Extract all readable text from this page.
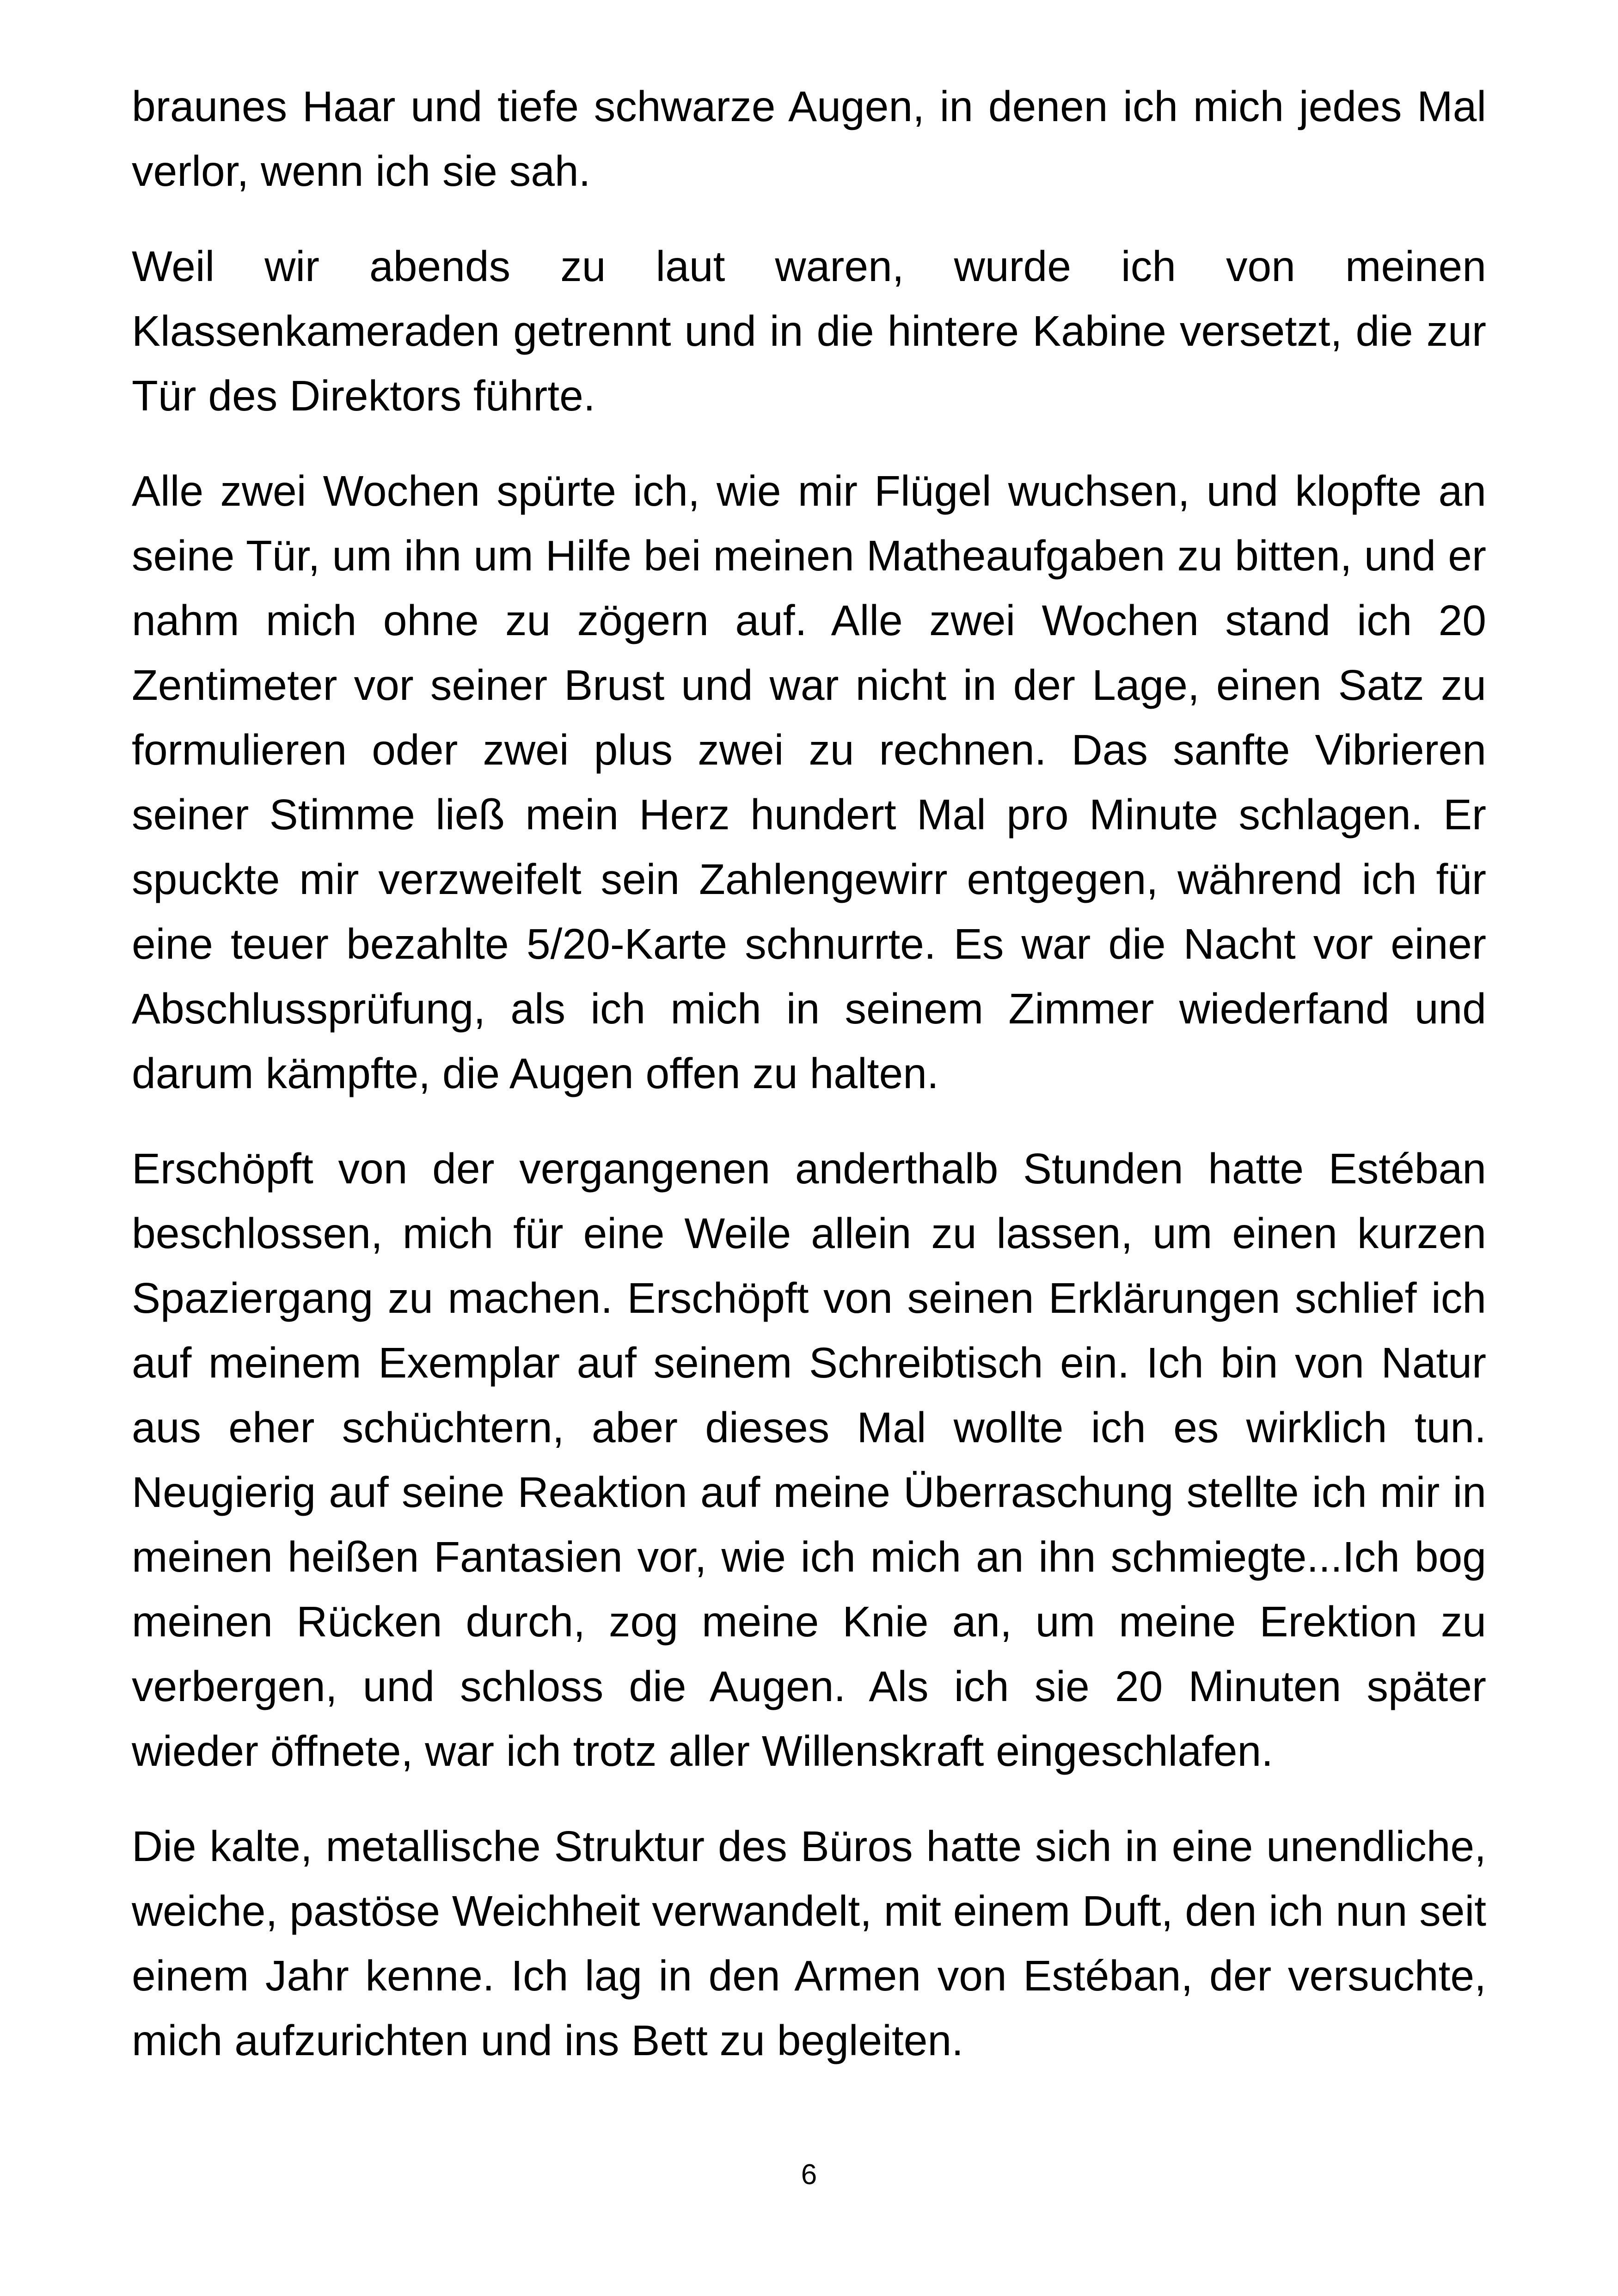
braunes Haar und tiefe schwarze Augen, in denen ich mich jedes Mal verlor, wenn ich sie sah.

Weil wir abends zu laut waren, wurde ich von meinen Klassenkameraden getrennt und in die hintere Kabine versetzt, die zur Tür des Direktors führte.

Alle zwei Wochen spürte ich, wie mir Flügel wuchsen, und klopfte an seine Tür, um ihn um Hilfe bei meinen Matheaufgaben zu bitten, und er nahm mich ohne zu zögern auf. Alle zwei Wochen stand ich 20 Zentimeter vor seiner Brust und war nicht in der Lage, einen Satz zu formulieren oder zwei plus zwei zu rechnen. Das sanfte Vibrieren seiner Stimme ließ mein Herz hundert Mal pro Minute schlagen. Er spuckte mir verzweifelt sein Zahlengewirr entgegen, während ich für eine teuer bezahlte 5/20-Karte schnurrte. Es war die Nacht vor einer Abschlussprüfung, als ich mich in seinem Zimmer wiederfand und darum kämpfte, die Augen offen zu halten.

Erschöpft von der vergangenen anderthalb Stunden hatte Estéban beschlossen, mich für eine Weile allein zu lassen, um einen kurzen Spaziergang zu machen. Erschöpft von seinen Erklärungen schlief ich auf meinem Exemplar auf seinem Schreibtisch ein. Ich bin von Natur aus eher schüchtern, aber dieses Mal wollte ich es wirklich tun. Neugierig auf seine Reaktion auf meine Überraschung stellte ich mir in meinen heißen Fantasien vor, wie ich mich an ihn schmiegte...Ich bog meinen Rücken durch, zog meine Knie an, um meine Erektion zu verbergen, und schloss die Augen. Als ich sie 20 Minuten später wieder öffnete, war ich trotz aller Willenskraft eingeschlafen.

Die kalte, metallische Struktur des Büros hatte sich in eine unendliche, weiche, pastöse Weichheit verwandelt, mit einem Duft, den ich nun seit einem Jahr kenne. Ich lag in den Armen von Estéban, der versuchte, mich aufzurichten und ins Bett zu begleiten.

6
